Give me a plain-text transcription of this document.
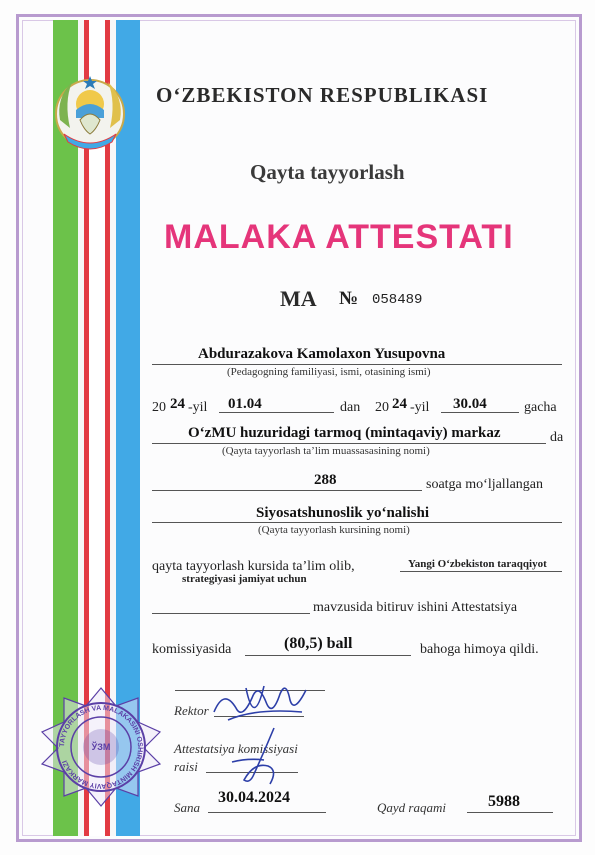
O‘ZBEKISTON RESPUBLIKASI
Qayta tayyorlash
MALAKA ATTESTATI
MA № 058489
Abdurazakova Kamolaxon Yusupovna
(Pedagogning familiyasi, ismi, otasining ismi)
20 24 -yil 01.04	dan 20 24 -yil 30.04	gacha
O‘zMU huzuridagi tarmoq (mintaqaviy) markaz	da
(Qayta tayyorlash ta’lim muassasasining nomi)
288	soatga mo‘ljallangan
Siyosatshunoslik yo‘nalishi
(Qayta tayyorlash kursining nomi)
qayta tayyorlash kursida ta’lim olib,	Yangi O‘zbekiston taraqqiyot
strategiyasi jamiyat uchun
mavzusida bitiruv ishini Attestatsiya
komissiyasida	(80,5) ball	bahoga himoya qildi.
Rektor
Attestatsiya komissiyasi
raisi
TAYYORLASH VA MALAKASINI OSHIRISH MINTAQAVIY MARKAZI
ЎЗМ
Sana
30.04.2024
Qayd raqami	5988
